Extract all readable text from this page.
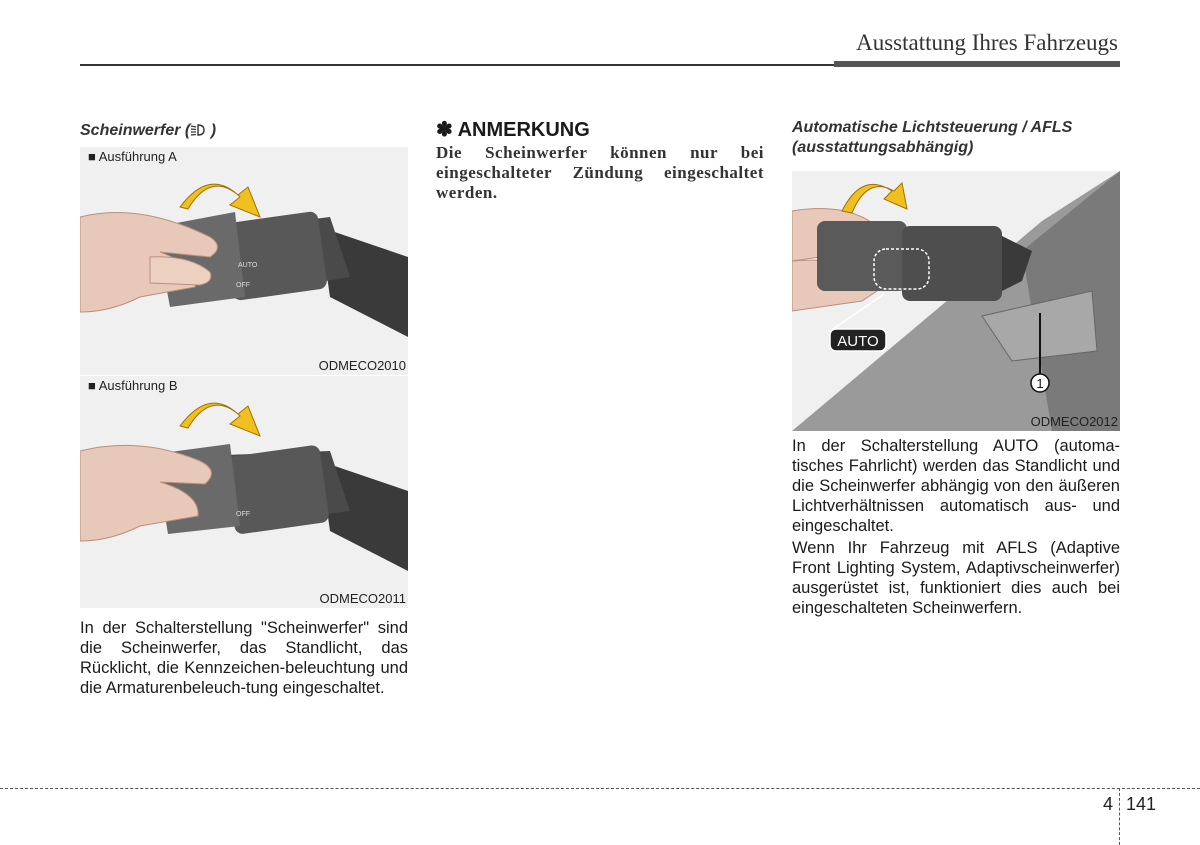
Ausstattung Ihres Fahrzeugs
Scheinwerfer ( )
AUTO
OFF
■ Ausführung A
ODMECO2010
OFF
■ Ausführung B
ODMECO2011
In der Schalterstellung "Scheinwerfer" sind die Scheinwerfer, das Standlicht, das Rücklicht, die Kennzeichen-beleuchtung und die Armaturenbeleuch-tung eingeschaltet.
✽ ANMERKUNG
Die Scheinwerfer können nur bei eingeschalteter Zündung eingeschaltet werden.
Automatische Lichtsteuerung / AFLS (ausstattungsabhängig)
1
AUTO
ODMECO2012
In der Schalterstellung AUTO (automa-tisches Fahrlicht) werden das Standlicht und die Scheinwerfer abhängig von den äußeren Lichtverhältnissen automatisch aus- und eingeschaltet.
Wenn Ihr Fahrzeug mit AFLS (Adaptive Front Lighting System, Adaptivscheinwerfer) ausgerüstet ist, funktioniert dies auch bei eingeschalteten Scheinwerfern.
4 141
